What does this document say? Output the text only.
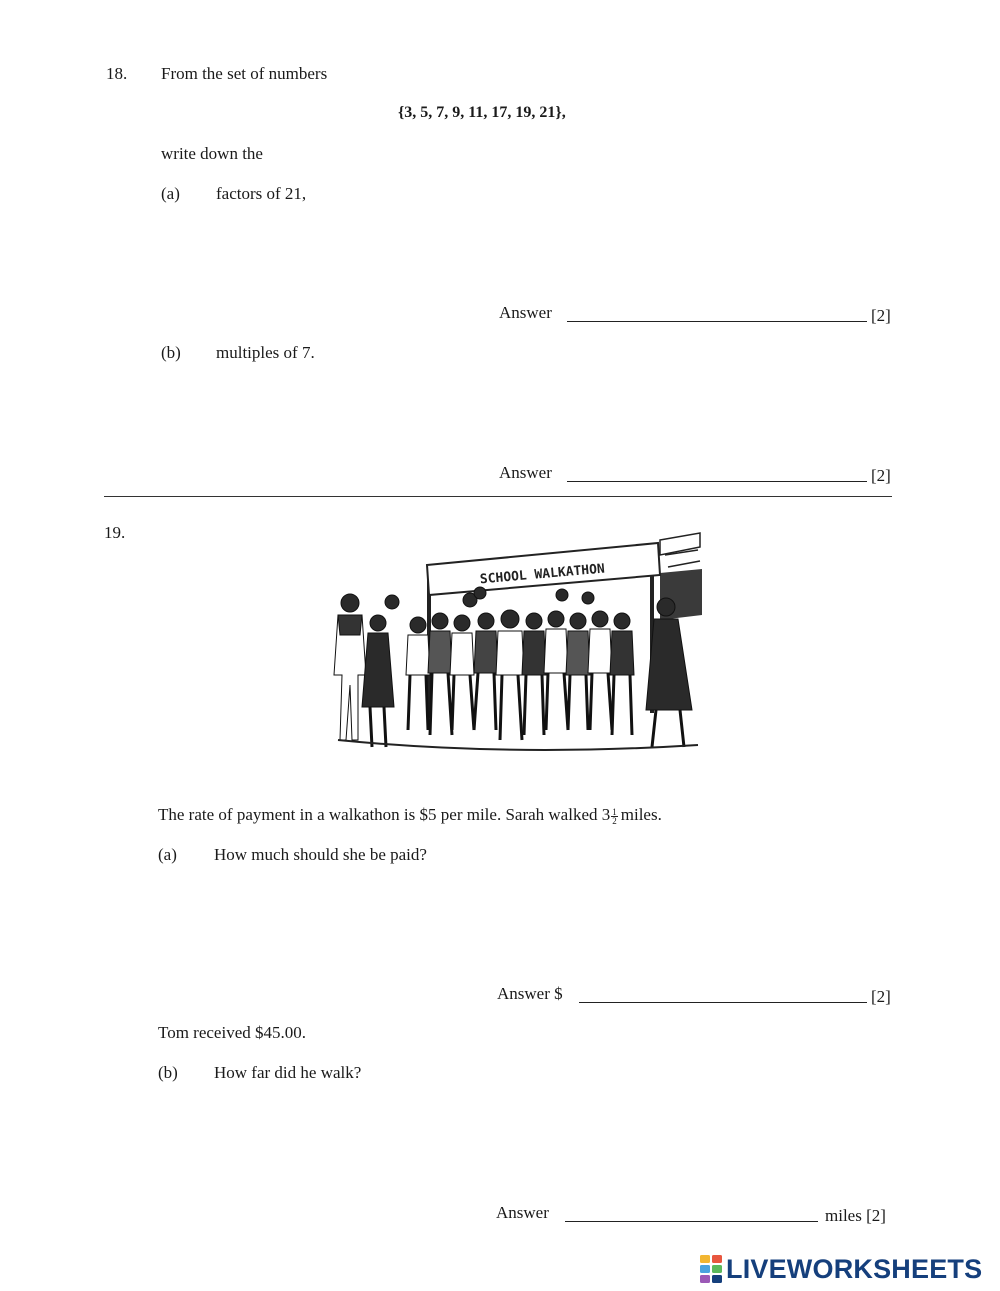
18. From the set of numbers
{3, 5, 7, 9, 11, 17, 19, 21},
write down the
(a) factors of 21,
Answer	[2]
(b) multiples of 7.
Answer	[2]
19.
SCHOOL WALKATHON
The rate of payment in a walkathon is $5 per mile. Sarah walked $3 \frac{1}{2}$ miles.
(a) How much should she be paid?
Answer $	[2]
Tom received $45.00.
(b) How far did he walk?
Answer	miles [2]
LIVEWORKSHEETS
